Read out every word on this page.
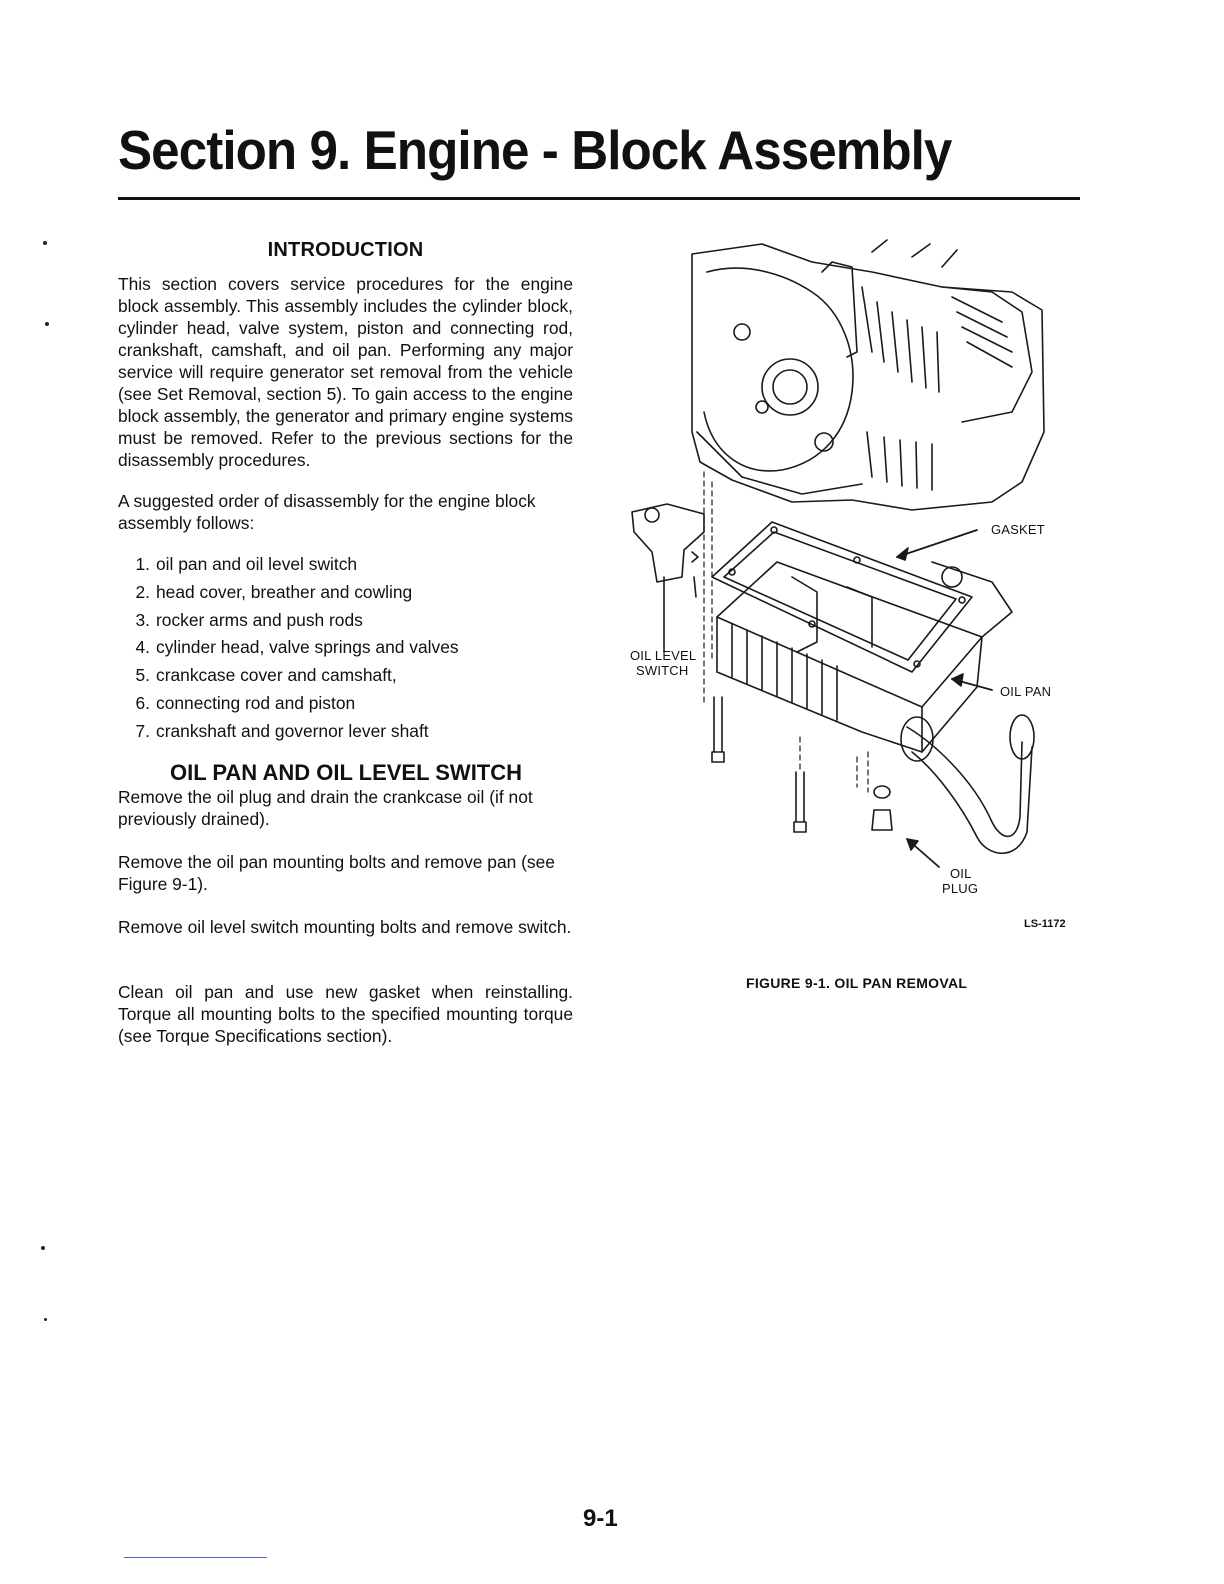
Section 9. Engine - Block Assembly
INTRODUCTION

This section covers service procedures for the engine block assembly. This assembly includes the cylinder block, cylinder head, valve system, piston and connecting rod, crankshaft, camshaft, and oil pan. Performing any major service will require generator set removal from the vehicle (see Set Removal, section 5). To gain access to the engine block assembly, the generator and primary engine systems must be removed. Refer to the previous sections for the disassembly procedures.

A suggested order of disassembly for the engine block assembly follows:

1. oil pan and oil level switch
2. head cover, breather and cowling
3. rocker arms and push rods
4. cylinder head, valve springs and valves
5. crankcase cover and camshaft,
6. connecting rod and piston
7. crankshaft and governor lever shaft
OIL PAN AND OIL LEVEL SWITCH

Remove the oil plug and drain the crankcase oil (if not previously drained).

Remove the oil pan mounting bolts and remove pan (see Figure 9-1).

Remove oil level switch mounting bolts and remove switch.

Clean oil pan and use new gasket when reinstalling. Torque all mounting bolts to the specified mounting torque (see Torque Specifications section).

GASKET
OIL LEVEL
SWITCH
OIL PAN
OIL
PLUG
LS-1172
FIGURE 9-1. OIL PAN REMOVAL
9-1
